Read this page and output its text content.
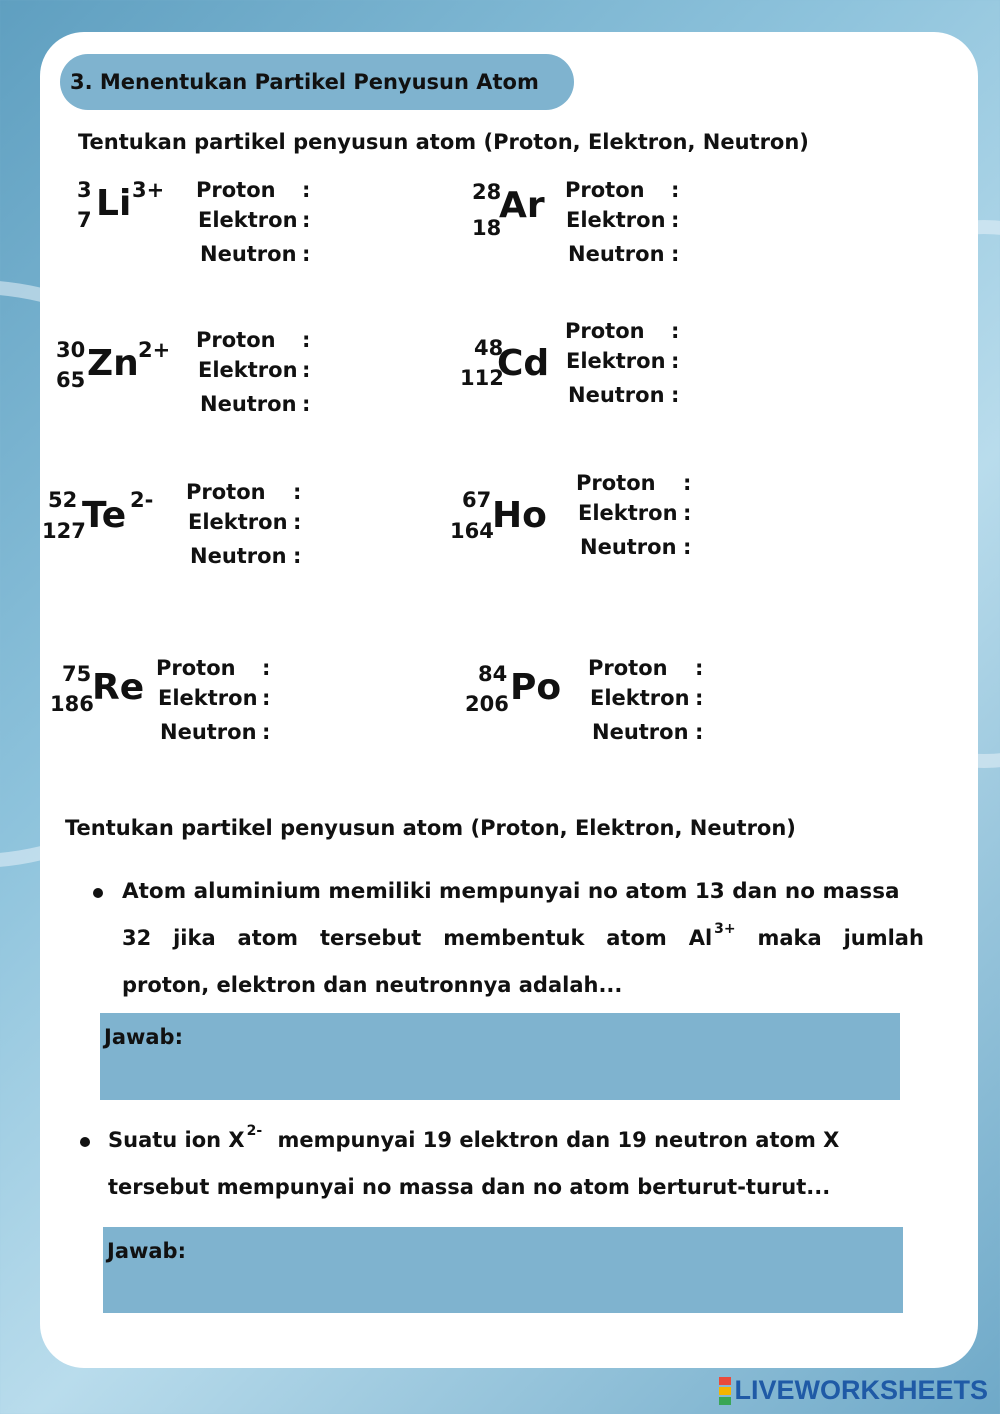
3. Menentukan Partikel Penyusun Atom
Tentukan partikel penyusun atom (Proton, Elektron, Neutron)
3
7 Li 3+ Proton
Elektron
Neutron
:
:
:
28
18
Ar Proton
Elektron
Neutron
:
:
:
30
65 Zn 2+ Proton
Elektron
Neutron
:
:
:
48
112
Cd
Proton
Elektron
Neutron
:
:
:
52
127
Te 2- Proton
Elektron
Neutron
:
:
:
67
164
Ho
Proton
Elektron
Neutron
:
:
:
75
186
Re Proton
Elektron
Neutron
:
:
:
84
206 Po Proton
Elektron
Neutron
:
:
:
Tentukan partikel penyusun atom (Proton, Elektron, Neutron)
Atom aluminium memiliki mempunyai no atom 13 dan no massa
32 jika atom tersebut membentuk atom Al $^{3+}$ maka jumlah
proton, elektron dan neutronnya adalah...
Jawab:
Suatu ion X $^{2-}$ mempunyai 19 elektron dan 19 neutron atom X
tersebut mempunyai no massa dan no atom berturut-turut...
Jawab:
LIVEWORKSHEETS
